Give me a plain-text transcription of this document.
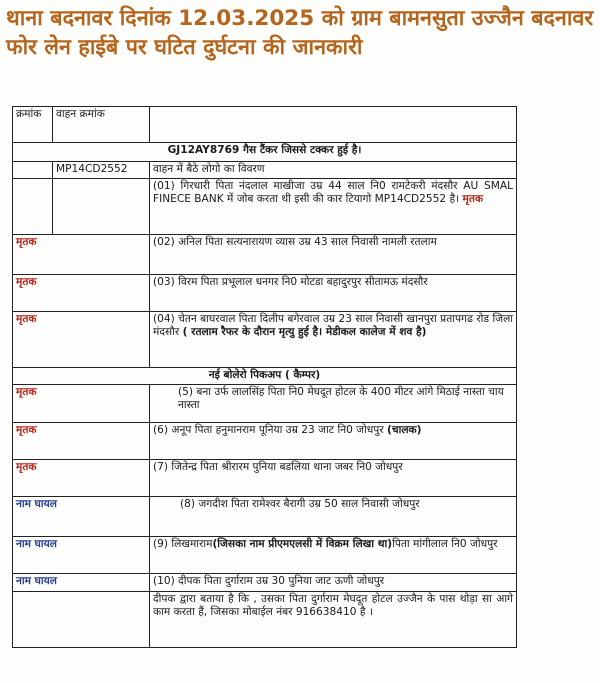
थाना बदनावर दिनांक 12.03.2025 को ग्राम बामनसुता उज्जैन बदनावर फोर लेन हाईबे पर घटित दुर्घटना की जानकारी
क्रमांक	वाहन क्रमांक	
GJ12AY8769 गैस टैंकर जिससे टक्कर हुई है।		
	MP14CD2552	वाहन में बैठे लोगो का विवरण
		(01) गिरधारी पिता नंदलाल माखीजा उम्र 44 साल नि0 रामटेकरी मंदसौर AU SMAL FINECE BANK में जोब करता थी इसी की कार टियागो MP14CD2552 है। मृतक
मृतक		(02) अनिल पिता सत्यनारायण व्यास उम्र 43 साल निवासी नामली रतलाम
मृतक		(03) विरम पिता प्रभूलाल धनगर नि0 मोटडा बहादुरपुर सीतामऊ मंदसौर
मृतक		(04) चेतन बाघरवाल पिता दिलीप बगेरवाल उम्र 23 साल निवासी खानपुरा प्रतापगढ रोड जिला मंदसौर ( रतलाम रैफर के दौरान मृत्यु हुई है। मेडीकल कालेज में शव है)
नई बोलेरो पिकअप ( कैम्पर)		
मृतक		(5) बना उर्फ लालसिंह पिता नि0 मेघदूत होटल के 400 मीटर आंगे मिठाई नास्ता चाय नास्ता
मृतक		(6) अनूप पिता हनुमानराम पूनिया उम्र 23 जाट नि0 जोधपुर (चालक)
मृतक		(7) जितेन्द्र पिता श्रीरारम पुनिया बडलिया थाना जबर नि0 जोधपुर
नाम घायल		(8) जगदीश पिता रामेश्वर बैरागी उम्र 50 साल निवासी जोधपुर
नाम घायल		(9) लिखमाराम(जिसका नाम प्रीएमएलसी में विक्रम लिखा था)पिता मांगीलाल नि0 जोधपुर
नाम घायल		(10) दीपक पिता दुर्गाराम उम्र 30 पुनिया जाट ऊणी जोधपुर
		दीपक द्वारा बताया है कि , उसका पिता दुर्गाराम मेघदूत होटल उज्जैन के पास थोड़ा सा आगे काम करता हैं, जिसका मोबाईल नंबर 916638410 है ।
